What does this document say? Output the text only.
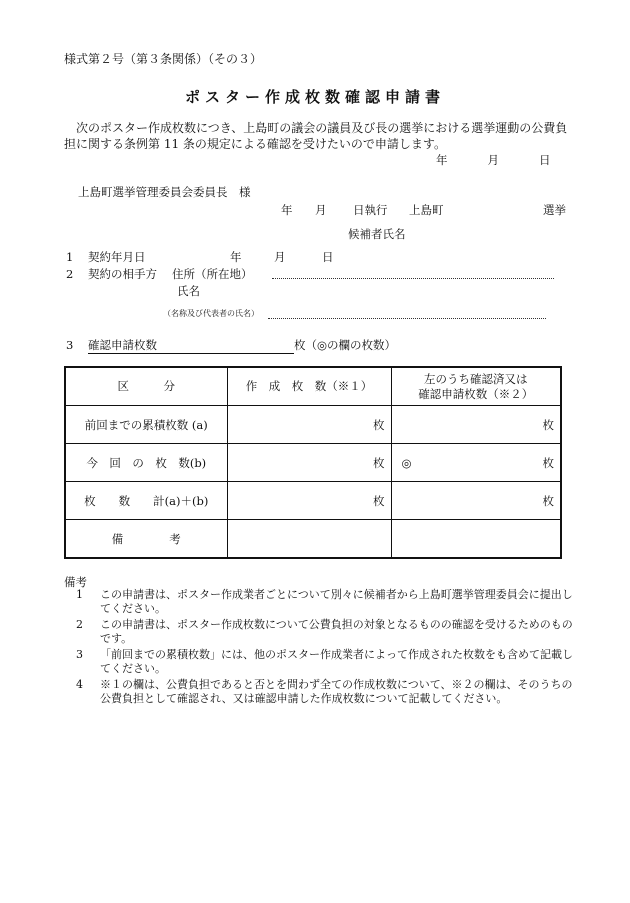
様式第２号（第３条関係）（その３）
ポスター作成枚数確認申請書
次のポスター作成枚数につき、上島町の議会の議員及び長の選挙における選挙運動の公費負担に関する条例第 11 条の規定による確認を受けたいので申請します。
年	月	日
上島町選挙管理委員会委員長　様
年 月 日執行 上島町	選挙
候補者氏名
1 契約年月日	年	月	日
2 契約の相手方 住所（所在地）
氏名
（名称及び代表者の氏名）
3 確認申請枚数	枚（◎の欄の枚数）
区　　　分	作　成　枚　数（※１）	左のうち確認済又は
確認申請枚数（※２）

前回までの累積枚数 (a)	枚	枚
今　回　の　枚　数(b)	枚	◎ 枚

枚　　数　　計(a)＋(b)	枚	枚
備　　　　考		
備考
1	この申請書は、ポスター作成業者ごとについて別々に候補者から上島町選挙管理委員会に提出してください。
2	この申請書は、ポスター作成枚数について公費負担の対象となるものの確認を受けるためのものです。
3	「前回までの累積枚数」には、他のポスター作成業者によって作成された枚数をも含めて記載してください。
4	※１の欄は、公費負担であると否とを問わず全ての作成枚数について、※２の欄は、そのうちの公費負担として確認され、又は確認申請した作成枚数について記載してください。
